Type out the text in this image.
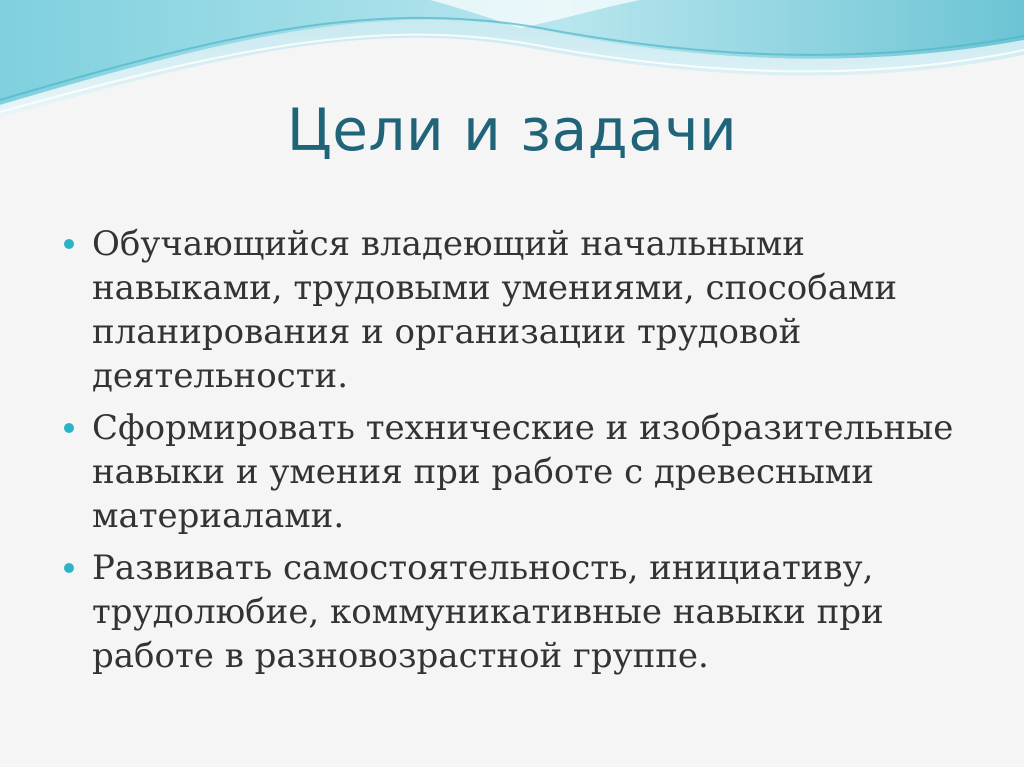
Цели и задачи
Обучающийся владеющий начальными
навыками, трудовыми умениями, способами
планирования и организации трудовой
деятельности.
Сформировать технические и изобразительные
навыки и умения при работе с древесными
материалами.
Развивать самостоятельность, инициативу,
трудолюбие, коммуникативные навыки при
работе в разновозрастной группе.
